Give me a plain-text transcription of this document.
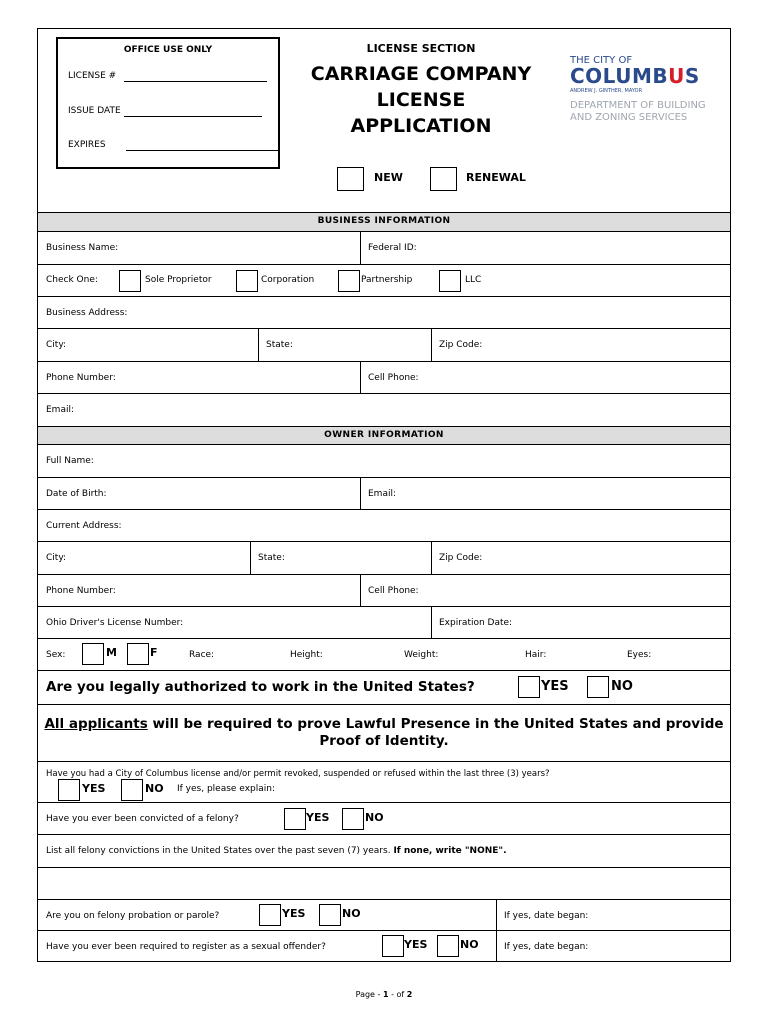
OFFICE USE ONLY
LICENSE #
ISSUE DATE
EXPIRES
LICENSE SECTION
CARRIAGE COMPANY
LICENSE
APPLICATION
THE CITY OF
COLUMBUS
ANDREW J. GINTHER, MAYOR
DEPARTMENT OF BUILDING
AND ZONING SERVICES
NEW	RENEWAL
BUSINESS INFORMATION
Business Name:	Federal ID:
Check One:	Sole Proprietor	Corporation	Partnership	LLC
Business Address:
City:	State:	Zip Code:
Phone Number:	Cell Phone:
Email:
OWNER INFORMATION
Full Name:
Date of Birth:	Email:
Current Address:
City:	State:	Zip Code:
Phone Number:	Cell Phone:
Ohio Driver's License Number:	Expiration Date:
Sex:	M	F	Race:	Height:	Weight:	Hair:	Eyes:
Are you legally authorized to work in the United States?	YES	NO
All applicants will be required to prove Lawful Presence in the United States and provide
Proof of Identity.
Have you had a City of Columbus license and/or permit revoked, suspended or refused within the last three (3) years?
YES	NO If yes, please explain:
Have you ever been convicted of a felony?	YES	NO
List all felony convictions in the United States over the past seven (7) years. If none, write "NONE".
Are you on felony probation or parole?	YES	NO	If yes, date began:
Have you ever been required to register as a sexual offender?	YES	NO	If yes, date began:
Page - 1 - of 2
